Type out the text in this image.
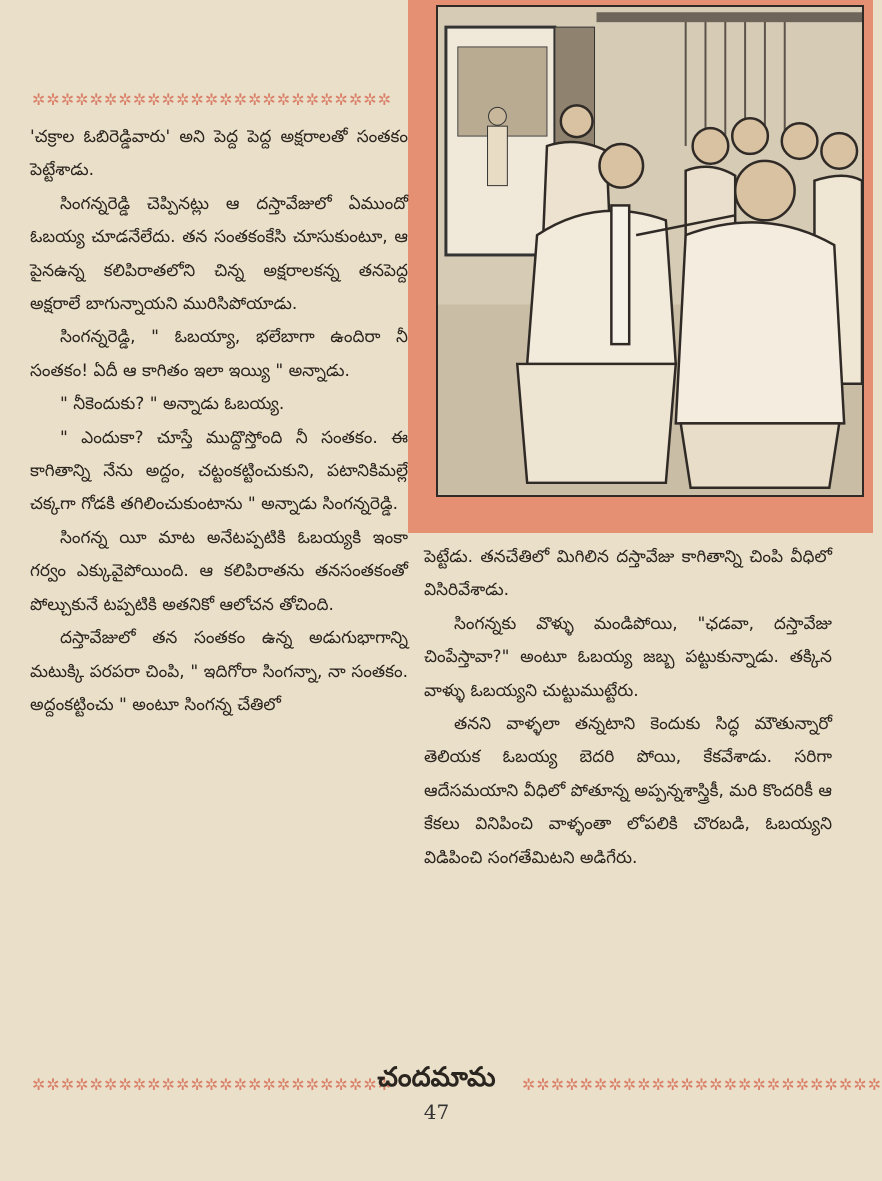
✲✲✲✲✲✲✲✲✲✲✲✲✲✲✲✲✲✲✲✲✲✲✲✲✲

'చక్రాల ఓబిరెడ్డివారు' అని పెద్ద పెద్ద అక్షరాలతో సంతకం పెట్టేశాడు.

సింగన్నరెడ్డి చెప్పినట్లు ఆ దస్తావేజులో ఏముందో ఓబయ్య చూడనేలేదు. తన సంతకంకేసి చూసుకుంటూ, ఆ పైనఉన్న కలిపిరాతలోని చిన్న అక్షరాలకన్న తనపెద్ద అక్షరాలే బాగున్నాయని మురిసిపోయాడు.

సింగన్నరెడ్డి, " ఓబయ్యా, భలేబాగా ఉందిరా నీ సంతకం! ఏదీ ఆ కాగితం ఇలా ఇయ్యి " అన్నాడు.

" నీకెందుకు? " అన్నాడు ఓబయ్య.

" ఎందుకా? చూస్తే ముద్దొస్తోంది నీ సంతకం. ఈ కాగితాన్ని నేను అద్దం, చట్టంకట్టించుకుని, పటానికిమల్లే చక్కగా గోడకి తగిలించుకుంటాను " అన్నాడు సింగన్నరెడ్డి.

సింగన్న యీ మాట అనేటప్పటికి ఓబయ్యకి ఇంకా గర్వం ఎక్కువైపోయింది. ఆ కలిపిరాతను తనసంతకంతో పోల్చుకునే టప్పటికి అతనికో ఆలోచన తోచింది.

దస్తావేజులో తన సంతకం ఉన్న అడుగుభాగాన్ని మటుక్కి పరపరా చింపి, " ఇదిగోరా సింగన్నా, నా సంతకం. అద్దంకట్టించు " అంటూ సింగన్న చేతిలో

పెట్టేడు. తనచేతిలో మిగిలిన దస్తావేజు కాగితాన్ని చింపి వీధిలో విసిరివేశాడు.

సింగన్నకు వొళ్ళు మండిపోయి, "ఛడవా, దస్తావేజు చింపేస్తావా?" అంటూ ఓబయ్య జబ్బ పట్టుకున్నాడు. తక్కిన వాళ్ళు ఓబయ్యని చుట్టుముట్టేరు.

తనని వాళ్ళలా తన్నటాని కెందుకు సిద్ధ మౌతున్నారో తెలియక ఓబయ్య బెదరి పోయి, కేకవేశాడు. సరిగా ఆదేసమయాని వీధిలో పోతూన్న అప్పన్నశాస్త్రికీ, మరి కొందరికీ ఆ కేకలు వినిపించి వాళ్ళంతా లోపలికి చొరబడి, ఓబయ్యని విడిపించి సంగతేమిటని అడిగేరు.

✲✲✲✲✲✲✲✲✲✲✲✲✲✲✲✲✲✲✲✲✲✲✲✲✲	✲✲✲✲✲✲✲✲✲✲✲✲✲✲✲✲✲✲✲✲✲✲✲✲✲
చందమామ
47
